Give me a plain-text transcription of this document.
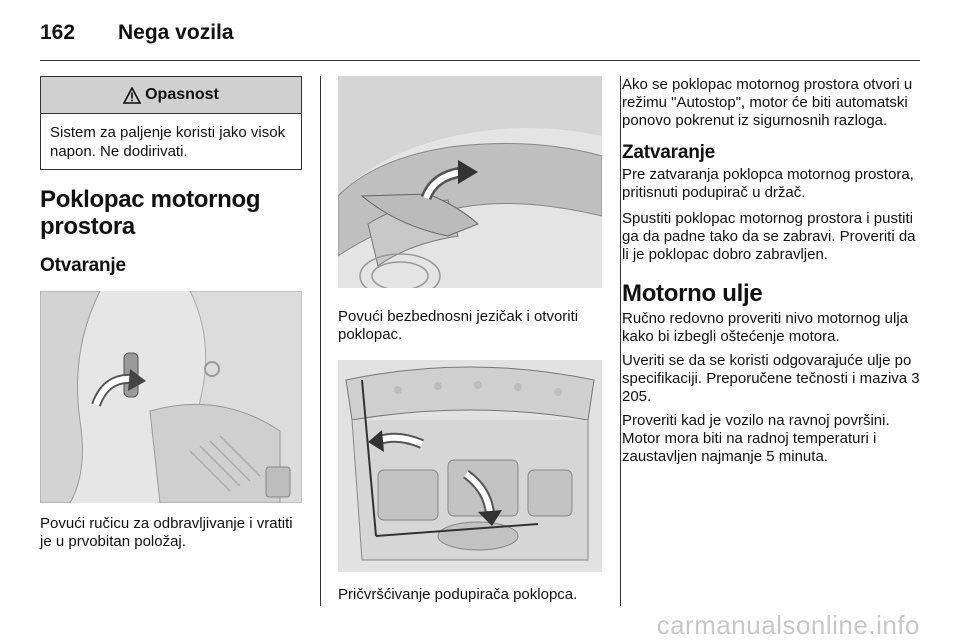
162	Nega vozila
Opasnost
Sistem za paljenje koristi jako visok napon. Ne dodirivati.
Poklopac motornog prostora
Otvaranje

Povući ručicu za odbravljivanje i vratiti je u prvobitan položaj.

Povući bezbednosni jezičak i otvoriti poklopac.

Pričvršćivanje podupirača poklopca.

Ako se poklopac motornog prostora otvori u režimu "Autostop", motor će biti automatski ponovo pokrenut iz sigurnosnih razloga.

Zatvaranje

Pre zatvaranja poklopca motornog prostora, pritisnuti podupirač u držač.

Spustiti poklopac motornog prostora i pustiti ga da padne tako da se zabravi. Proveriti da li je poklopac dobro zabravljen.

Motorno ulje

Ručno redovno proveriti nivo motornog ulja kako bi izbegli oštećenje motora.

Uveriti se da se koristi odgovarajuće ulje po specifikaciji. Preporučene tečnosti i maziva 3 205.

Proveriti kad je vozilo na ravnoj površini. Motor mora biti na radnoj temperaturi i zaustavljen najmanje 5 minuta.

carmanualsonline.info
